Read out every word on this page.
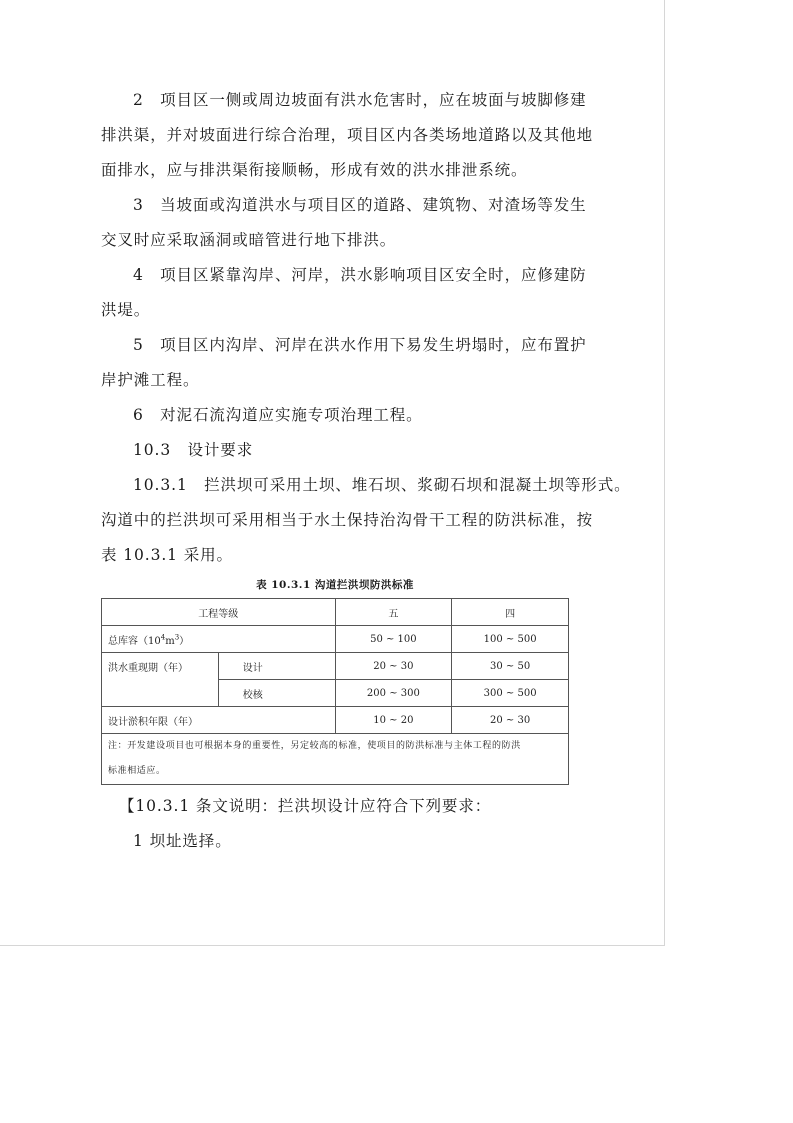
2　项目区一侧或周边坡面有洪水危害时，应在坡面与坡脚修建
排洪渠，并对坡面进行综合治理，项目区内各类场地道路以及其他地
面排水，应与排洪渠衔接顺畅，形成有效的洪水排泄系统。
3　当坡面或沟道洪水与项目区的道路、建筑物、对渣场等发生
交叉时应采取涵洞或暗管进行地下排洪。
4　项目区紧靠沟岸、河岸，洪水影响项目区安全时，应修建防
洪堤。
5　项目区内沟岸、河岸在洪水作用下易发生坍塌时，应布置护
岸护滩工程。
6　对泥石流沟道应实施专项治理工程。
10.3　设计要求
10.3.1　拦洪坝可采用土坝、堆石坝、浆砌石坝和混凝土坝等形式。
沟道中的拦洪坝可采用相当于水土保持治沟骨干工程的防洪标准，按
表 10.3.1 采用。
表 10.3.1 沟道拦洪坝防洪标准
工程等级		五	四
总库容$(10^4m^3)$		50 ~ 100	100 ~ 500
洪水重现期（年）	设计	20 ~ 30	30 ~ 50
	校核	200 ~ 300	300 ~ 500
设计淤积年限（年）		10 ~ 20	20 ~ 30
注：开发建设项目也可根据本身的重要性，另定较高的标准，使项目的防洪标准与主体工程的防洪
标准相适应。			
【10.3.1 条文说明：拦洪坝设计应符合下列要求：
1 坝址选择。
